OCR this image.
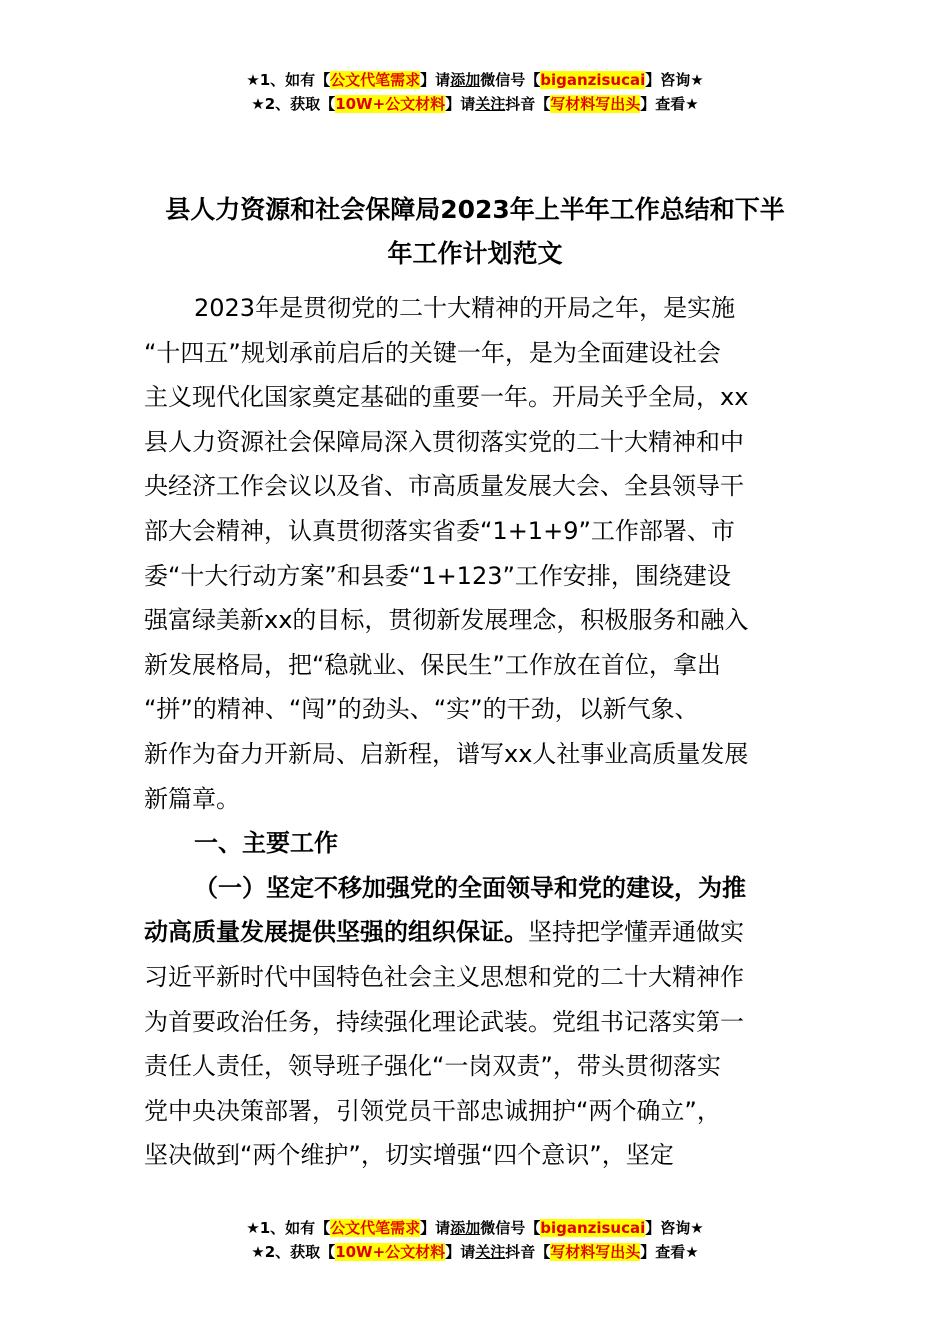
★1、如有【公文代笔需求】请添加微信号【biganzisucai】咨询★
★2、获取【10W+公文材料】请关注抖音【写材料写出头】查看★
县人力资源和社会保障局2023年上半年工作总结和下半
年工作计划范文
2023年是贯彻党的二十大精神的开局之年，是实施
“十四五”规划承前启后的关键一年，是为全面建设社会
主义现代化国家奠定基础的重要一年。开局关乎全局，xx
县人力资源社会保障局深入贯彻落实党的二十大精神和中
央经济工作会议以及省、市高质量发展大会、全县领导干
部大会精神，认真贯彻落实省委“1+1+9”工作部署、市
委“十大行动方案”和县委“1+123”工作安排，围绕建设
强富绿美新xx的目标，贯彻新发展理念，积极服务和融入
新发展格局，把“稳就业、保民生”工作放在首位，拿出
“拼”的精神、“闯”的劲头、“实”的干劲，以新气象、
新作为奋力开新局、启新程，谱写xx人社事业高质量发展
新篇章。
一、主要工作
（一）坚定不移加强党的全面领导和党的建设，为推
动高质量发展提供坚强的组织保证。坚持把学懂弄通做实
习近平新时代中国特色社会主义思想和党的二十大精神作
为首要政治任务，持续强化理论武装。党组书记落实第一
责任人责任，领导班子强化“一岗双责”，带头贯彻落实
党中央决策部署，引领党员干部忠诚拥护“两个确立”，
坚决做到“两个维护”，切实增强“四个意识”，坚定
★1、如有【公文代笔需求】请添加微信号【biganzisucai】咨询★
★2、获取【10W+公文材料】请关注抖音【写材料写出头】查看★
